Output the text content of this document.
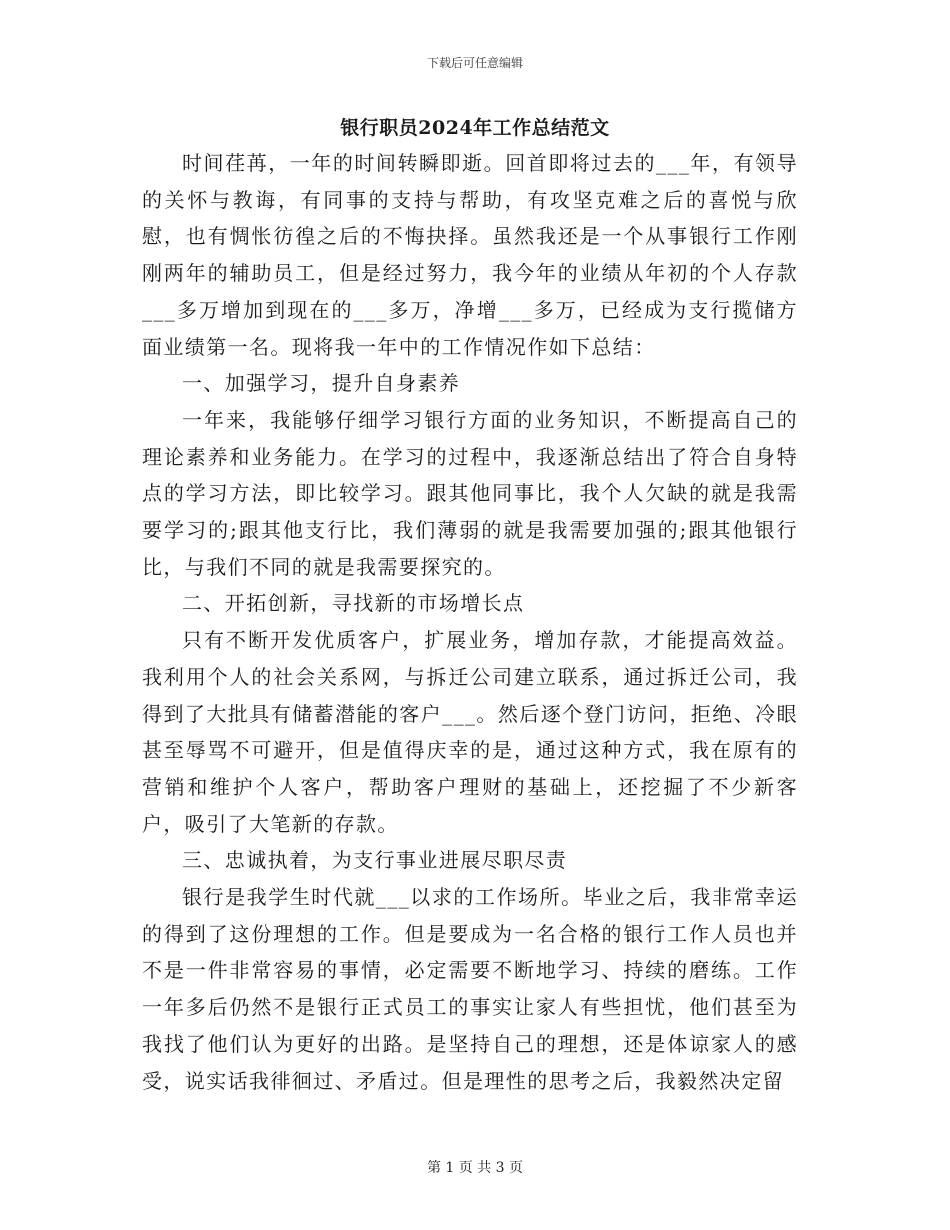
下载后可任意编辑
银行职员2024年工作总结范文

时间荏苒，一年的时间转瞬即逝。回首即将过去的___年，有领导的关怀与教诲，有同事的支持与帮助，有攻坚克难之后的喜悦与欣慰，也有惆怅彷徨之后的不悔抉择。虽然我还是一个从事银行工作刚刚两年的辅助员工，但是经过努力，我今年的业绩从年初的个人存款___多万增加到现在的___多万，净增___多万，已经成为支行揽储方面业绩第一名。现将我一年中的工作情况作如下总结：

一、加强学习，提升自身素养

一年来，我能够仔细学习银行方面的业务知识，不断提高自己的理论素养和业务能力。在学习的过程中，我逐渐总结出了符合自身特点的学习方法，即比较学习。跟其他同事比，我个人欠缺的就是我需要学习的;跟其他支行比，我们薄弱的就是我需要加强的;跟其他银行比，与我们不同的就是我需要探究的。

二、开拓创新，寻找新的市场增长点

只有不断开发优质客户，扩展业务，增加存款，才能提高效益。我利用个人的社会关系网，与拆迁公司建立联系，通过拆迁公司，我得到了大批具有储蓄潜能的客户___。然后逐个登门访问，拒绝、冷眼甚至辱骂不可避开，但是值得庆幸的是，通过这种方式，我在原有的营销和维护个人客户，帮助客户理财的基础上，还挖掘了不少新客户，吸引了大笔新的存款。

三、忠诚执着，为支行事业进展尽职尽责

银行是我学生时代就___以求的工作场所。毕业之后，我非常幸运的得到了这份理想的工作。但是要成为一名合格的银行工作人员也并不是一件非常容易的事情，必定需要不断地学习、持续的磨练。工作一年多后仍然不是银行正式员工的事实让家人有些担忧，他们甚至为我找了他们认为更好的出路。是坚持自己的理想，还是体谅家人的感受，说实话我徘徊过、矛盾过。但是理性的思考之后，我毅然决定留

第 1 页 共 3 页
